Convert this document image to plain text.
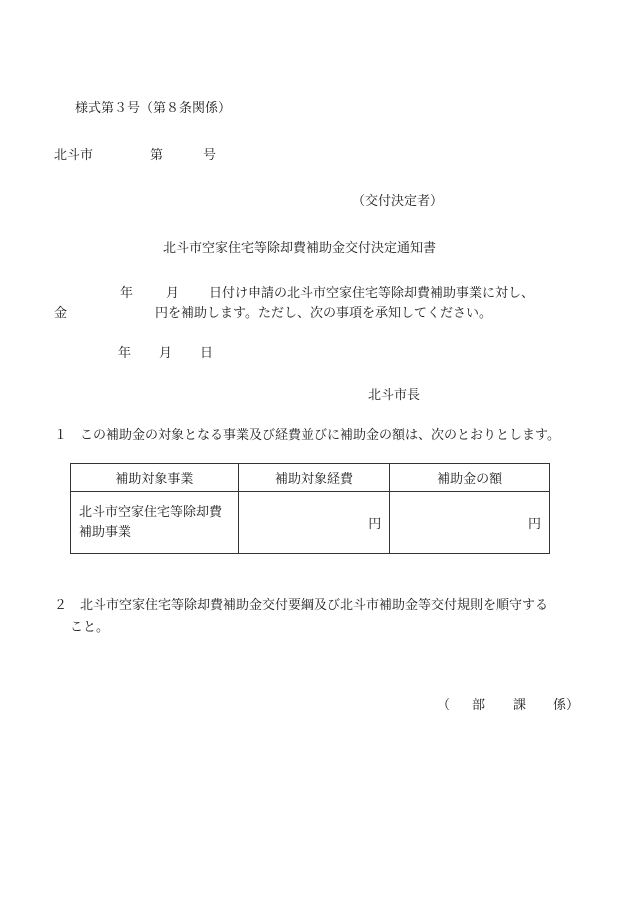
様式第３号（第８条関係）
北斗市	第	号
（交付決定者）
北斗市空家住宅等除却費補助金交付決定通知書
年	月 日付け申請の北斗市空家住宅等除却費補助事業に対し、
金	円を補助します。ただし、次の事項を承知してください。
年 月 日
北斗市長
１　この補助金の対象となる事業及び経費並びに補助金の額は、次のとおりとします。
補助対象事業	補助対象経費	補助金の額
北斗市空家住宅等除却費
補助事業	円	円
２　北斗市空家住宅等除却費補助金交付要綱及び北斗市補助金等交付規則を順守する
こと。
（ 部 課 係）
